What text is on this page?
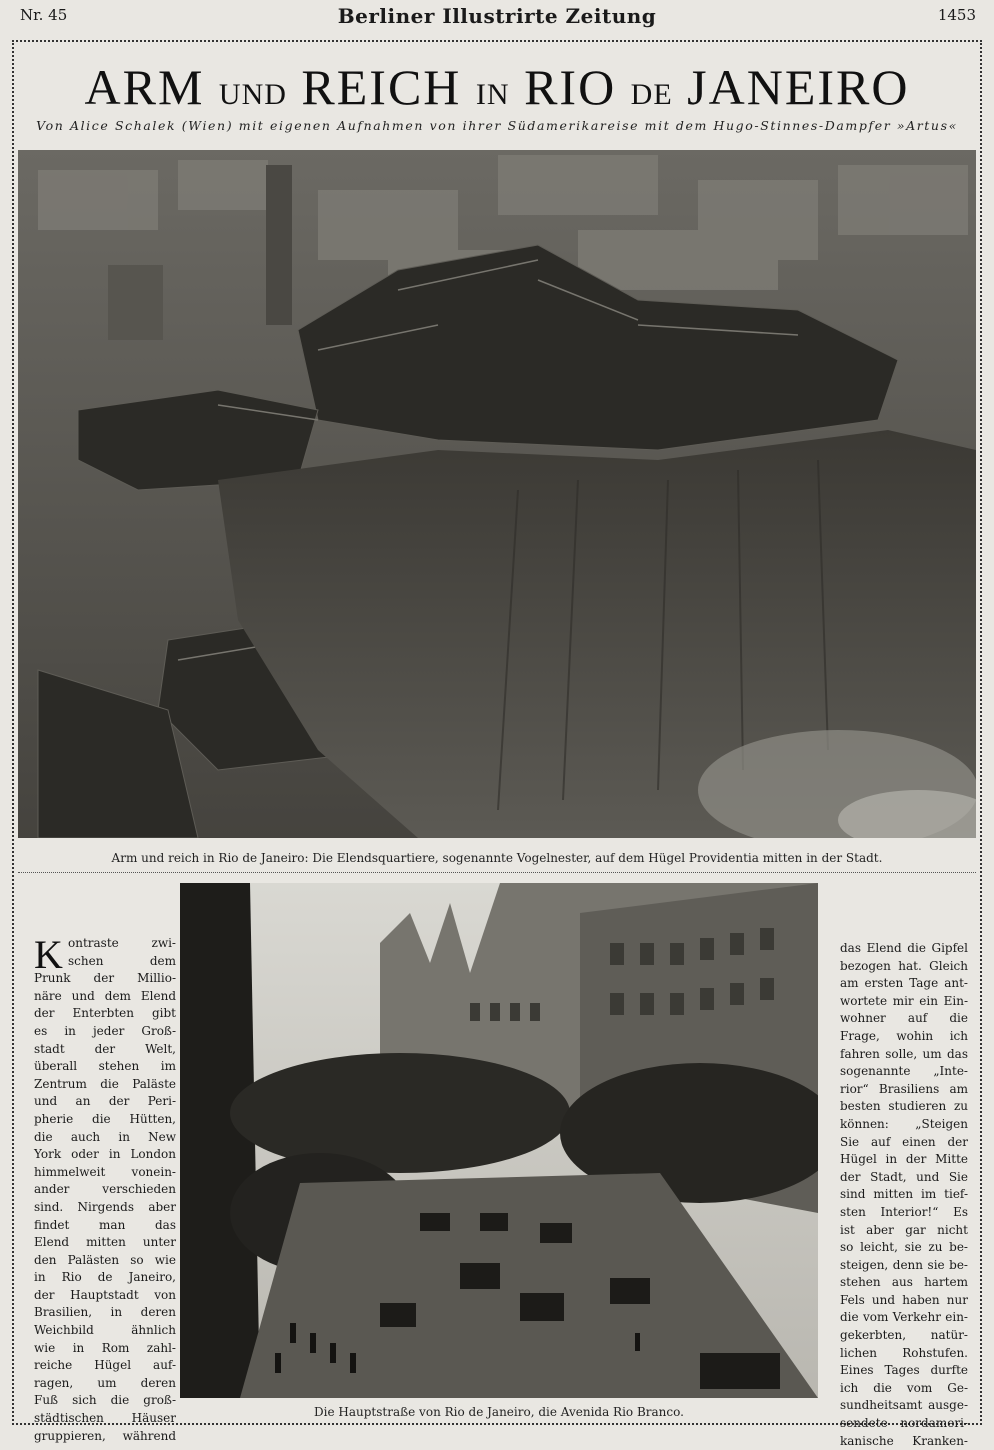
Nr. 45	Berliner Illustrirte Zeitung	1453
ARM UND REICH IN RIO DE JANEIRO
Von Alice Schalek (Wien) mit eigenen Aufnahmen von ihrer Südamerikareise mit dem Hugo-Stinnes-Dampfer »Artus«
Arm und reich in Rio de Janeiro: Die Elendsquartiere, sogenannte Vogelnester, auf dem Hügel Providentia mitten in der Stadt.
Die Hauptstraße von Rio de Janeiro, die Avenida Rio Branco.
K ontraste zwi-
schen dem
Prunk der Millio-
näre und dem Elend
der Enterbten gibt
es in jeder Groß-
stadt der Welt,
überall stehen im
Zentrum die Paläste
und an der Peri-
pherie die Hütten,
die auch in New
York oder in London
himmelweit vonein-
ander verschieden
sind. Nirgends aber
findet man das
Elend mitten unter
den Palästen so wie
in Rio de Janeiro,
der Hauptstadt von
Brasilien, in deren
Weichbild ähnlich
wie in Rom zahl-
reiche Hügel auf-
ragen, um deren
Fuß sich die groß-
städtischen Häuser
gruppieren, während
das Elend die Gipfel
bezogen hat. Gleich
am ersten Tage ant-
wortete mir ein Ein-
wohner auf die
Frage, wohin ich
fahren solle, um das
sogenannte „Inte-
rior“ Brasiliens am
besten studieren zu
können: „Steigen
Sie auf einen der
Hügel in der Mitte
der Stadt, und Sie
sind mitten im tief-
sten Interior!“ Es
ist aber gar nicht
so leicht, sie zu be-
steigen, denn sie be-
stehen aus hartem
Fels und haben nur
die vom Verkehr ein-
gekerbten, natür-
lichen Rohstufen.
Eines Tages durfte
ich die vom Ge-
sundheitsamt ausge-
sendete nordameri-
kanische Kranken-
